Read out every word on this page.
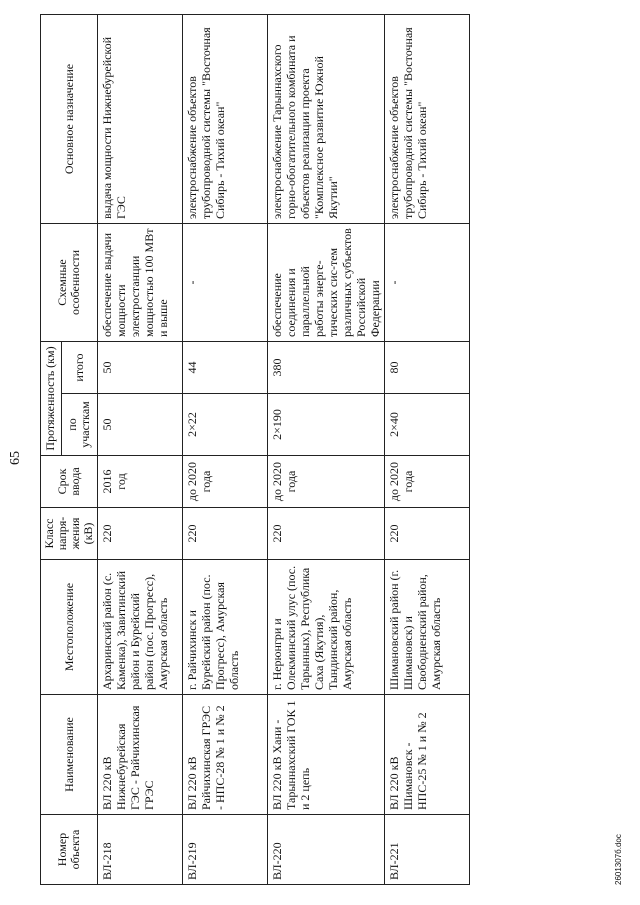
65
Номер объекта	Наименование	Местоположение	Класс напря-жения (кВ)	Срок ввода	Протяженность (км)		Схемные особенности	Основное назначение
					по участкам	итого		
ВЛ-218	ВЛ 220 кВ Нижнебурейская ГЭС - Райчихинская ГРЭС	Архаринский район (с. Каменка), Завитинский район и Бурейский район (пос. Прогресс), Амурская область	220	2016 год	50	50	обеспечение выдачи мощности электростанции мощностью 100 МВт и выше	выдача мощности Нижнебурейской ГЭС
ВЛ-219	ВЛ 220 кВ Райчихинская ГРЭС - НПС-28 № 1 и № 2	г. Райчихинск и Бурейский район (пос. Прогресс), Амурская область	220	до 2020 года	2×22	44	-	электроснабжение объектов трубопроводной системы "Восточная Сибирь - Тихий океан"
ВЛ-220	ВЛ 220 кВ Хани - Тарыннахский ГОК 1 и 2 цепь	г. Нерюнгри и Олекминский улус (пос. Тарынных), Республика Саха (Якутия), Тындинский район, Амурская область	220	до 2020 года	2×190	380	обеспечение соединения и параллельной работы энерге-тических сис-тем различных субъектов Российской Федерации	электроснабжение Тарыннахского горно-обогатительного комбината и объектов реализации проекта "Комплексное развитие Южной Якутии"
ВЛ-221	ВЛ 220 кВ Шимановск - НПС-25 № 1 и № 2	Шимановский район (г. Шимановск) и Свободненский район, Амурская область	220	до 2020 года	2×40	80	-	электроснабжение объектов трубопроводной системы "Восточная Сибирь - Тихий океан"
2601307б.doc
